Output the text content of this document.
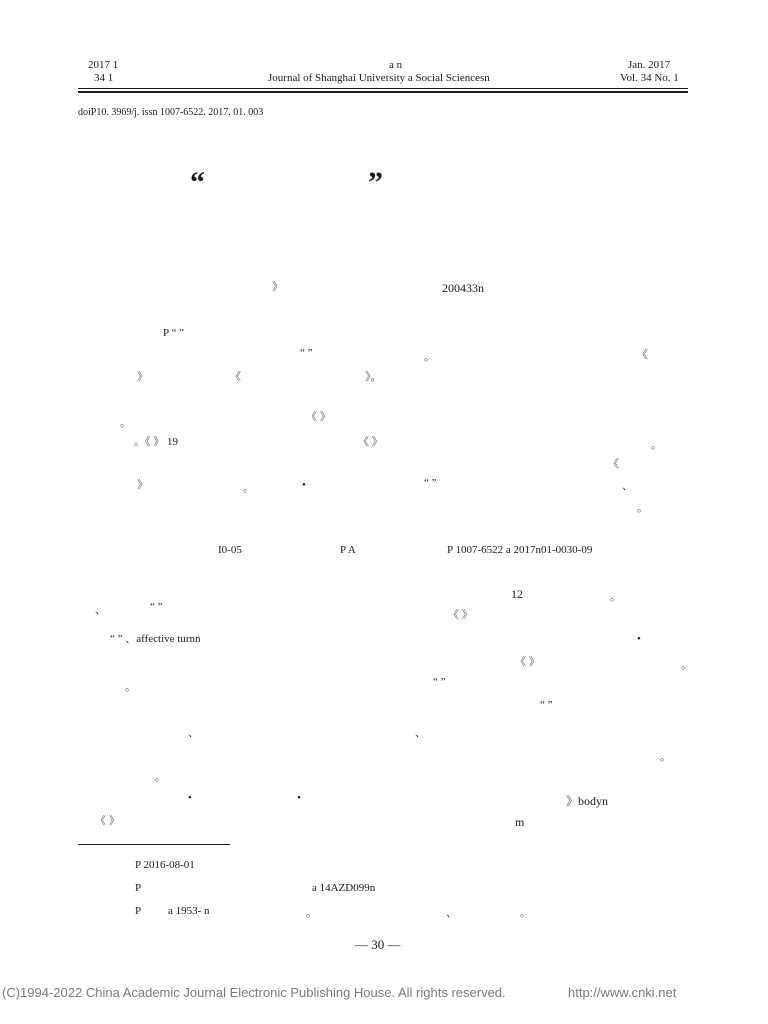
2017 1
34 1
a n
Journal of Shanghai University a Social Sciencesn
Jan. 2017
Vol. 34 No. 1
doiP10. 3969/j. issn 1007-6522. 2017. 01. 003
“	”
》	200433n
P “ ”
“ ”	。	《
》	《	》。
。	《 》
。《 》 19	《 》	。
《
》	。	•	“ ”	、
。
I0-05	P A	P 1007-6522 a 2017n01-0030-09
12	。
、	“ ”
《 》
“ ” 、affective turnn	•
《 》	。
。	“ ”
“ ”
、	、
。
。
•	•	》bodyn
《 》	m
P 2016-08-01
P	a 14AZD099n
P a 1953- n	。	、	。
— 30 —
(C)1994-2022 China Academic Journal Electronic Publishing House. All rights reserved.	http://www.cnki.net
